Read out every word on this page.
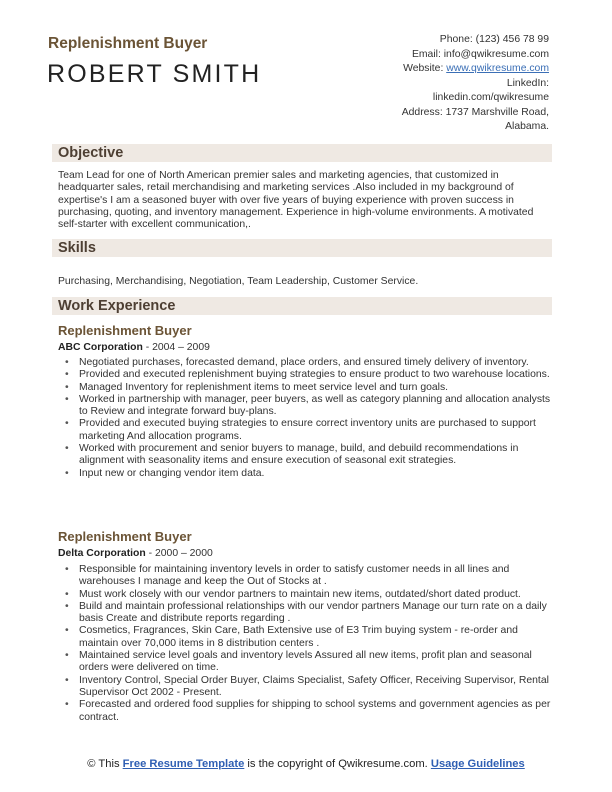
Replenishment Buyer
ROBERT SMITH
Phone: (123) 456 78 99
Email: info@qwikresume.com
Website: www.qwikresume.com
LinkedIn:
linkedin.com/qwikresume
Address: 1737 Marshville Road,
Alabama.
Objective
Team Lead for one of North American premier sales and marketing agencies, that customized in headquarter sales, retail merchandising and marketing services .Also included in my background of expertise's I am a seasoned buyer with over five years of buying experience with proven success in purchasing, quoting, and inventory management. Experience in high-volume environments. A motivated self-starter with excellent communication,.
Skills
Purchasing, Merchandising, Negotiation, Team Leadership, Customer Service.
Work Experience
Replenishment Buyer
ABC Corporation - 2004 – 2009
• Negotiated purchases, forecasted demand, place orders, and ensured timely delivery of inventory.
• Provided and executed replenishment buying strategies to ensure product to two warehouse locations.
• Managed Inventory for replenishment items to meet service level and turn goals.
• Worked in partnership with manager, peer buyers, as well as category planning and allocation analysts to Review and integrate forward buy-plans.
• Provided and executed buying strategies to ensure correct inventory units are purchased to support marketing And allocation programs.
• Worked with procurement and senior buyers to manage, build, and debuild recommendations in alignment with seasonality items and ensure execution of seasonal exit strategies.
• Input new or changing vendor item data.
Replenishment Buyer
Delta Corporation - 2000 – 2000
• Responsible for maintaining inventory levels in order to satisfy customer needs in all lines and warehouses I manage and keep the Out of Stocks at .
• Must work closely with our vendor partners to maintain new items, outdated/short dated product.
• Build and maintain professional relationships with our vendor partners Manage our turn rate on a daily basis Create and distribute reports regarding .
• Cosmetics, Fragrances, Skin Care, Bath Extensive use of E3 Trim buying system - re-order and maintain over 70,000 items in 8 distribution centers .
• Maintained service level goals and inventory levels Assured all new items, profit plan and seasonal orders were delivered on time.
• Inventory Control, Special Order Buyer, Claims Specialist, Safety Officer, Receiving Supervisor, Rental Supervisor Oct 2002 - Present.
• Forecasted and ordered food supplies for shipping to school systems and government agencies as per contract.
© This Free Resume Template is the copyright of Qwikresume.com. Usage Guidelines
